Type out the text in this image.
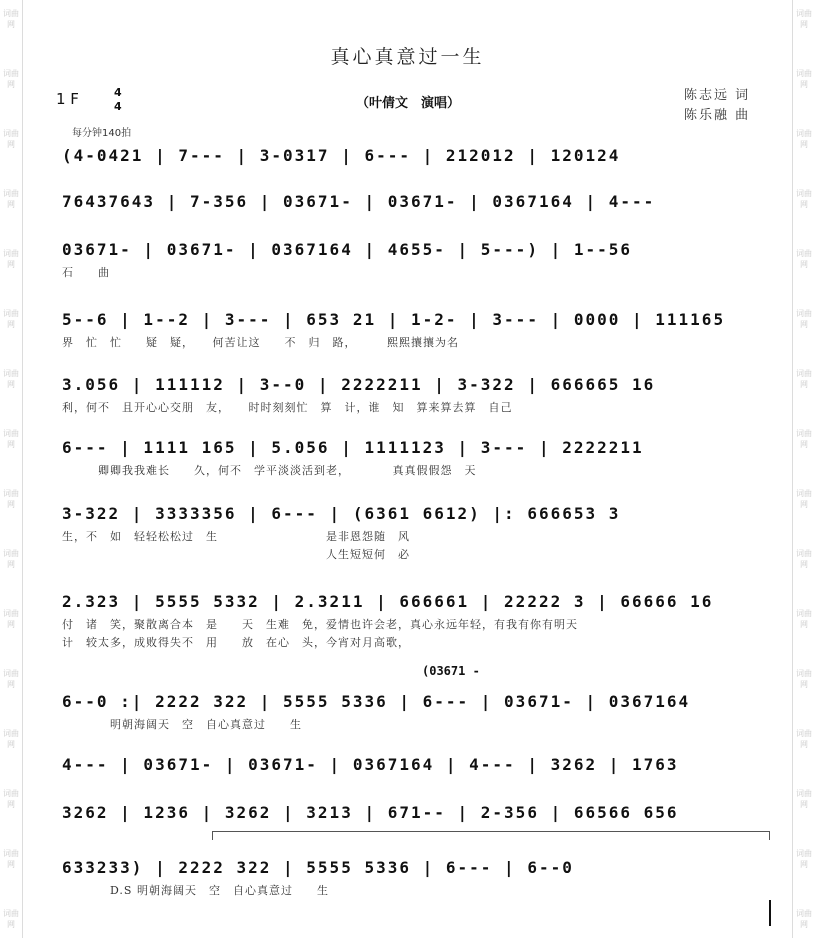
词曲网
词曲网
词曲网
词曲网
词曲网
词曲网
词曲网
词曲网
词曲网
词曲网
词曲网
词曲网
词曲网
词曲网
词曲网
词曲网
词曲网
词曲网
词曲网
词曲网
词曲网
词曲网
词曲网
词曲网
词曲网
词曲网
词曲网
词曲网
词曲网
词曲网
词曲网
词曲网
真心真意过一生
1 F	4
4	（叶倩文　演唱）
陈志远 词
陈乐融 曲
每分钟140拍
(03671 -
(4-0421 | 7--- | 3-0317 | 6--- | 212012 | 120124
76437643 | 7-356 | 03671- | 03671- | 0367164 | 4---
03671- | 03671- | 0367164 | 4655- | 5---) | 1--56
石　　曲
5--6 | 1--2 | 3--- | 653 21 | 1-2- | 3--- | 0000 | 111165
界　忙　忙　　疑　疑，　　何苦让这　　不　归　路，　　　熙熙攘攘为名
3.056 | 111112 | 3--0 | 2222211 | 3-322 | 666665 16
利，何不　且开心心交朋　友，　　时时刻刻忙　算　计，谁　知　算来算去算　自己
6--- | 1111 165 | 5.056 | 1111123 | 3--- | 2222211
　　　卿卿我我难长　　久，何不　学平淡淡活到老，　　　　真真假假怨　天
3-322 | 3333356 | 6--- | (6361 6612) |: 666653 3
生，不　如　轻轻松松过　生　　　　　　　　　是非恩怨随　风
　　　　　　　　　　　　　　　　　　　　　　人生短短何　必
2.323 | 5555 5332 | 2.3211 | 666661 | 22222 3 | 66666 16
付　诸　笑，聚散离合本　是　　天　生难　免，爱情也许会老，真心永远年轻，有我有你有明天
计　较太多，成败得失不　用　　放　在心　头，今宵对月高歌，
6--0 :| 2222 322 | 5555 5336 | 6--- | 03671- | 0367164
　　　　明朝海阔天　空　自心真意过　　生
4--- | 03671- | 03671- | 0367164 | 4--- | 3262 | 1763
3262 | 1236 | 3262 | 3213 | 671-- | 2-356 | 66566 656
633233) | 2222 322 | 5555 5336 | 6--- | 6--0
　　　　D.S 明朝海阔天　空　自心真意过　　生
